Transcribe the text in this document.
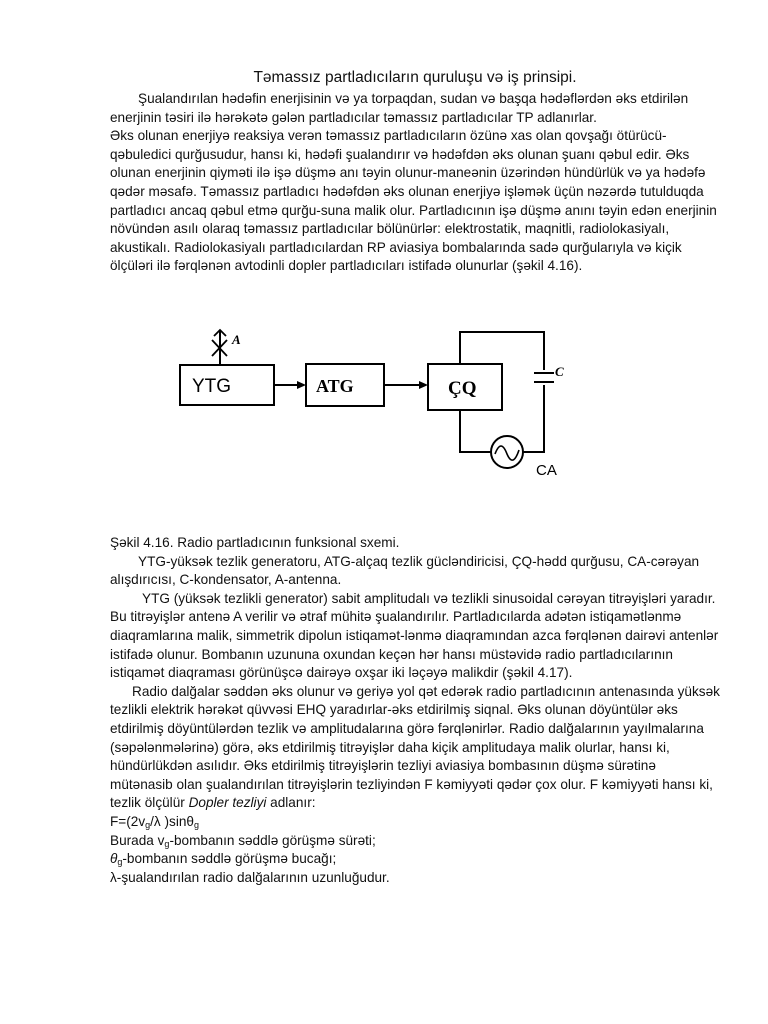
Təmassız partladıcıların quruluşu və iş prinsipi.

Şualandırılan hədəfin enerjisinin və ya torpaqdan, sudan və başqa hədəflərdən əks etdirilən enerjinin təsiri ilə hərəkətə gələn partladıcılar təmassız partladıcılar TP adlanırlar.

Əks olunan enerjiyə reaksiya verən təmassız partladıcıların özünə xas olan qovşağı ötürücü-qəbuledici qurğusudur, hansı ki, hədəfi şualandırır və hədəfdən əks olunan şuanı qəbul edir. Əks olunan enerjinin qiyməti ilə işə düşmə anı təyin olunur-maneənin üzərindən hündürlük və ya hədəfə qədər məsafə. Təmassız partladıcı hədəfdən əks olunan enerjiyə işləmək üçün nəzərdə tutulduqda partladıcı ancaq qəbul etmə qurğu-suna malik olur. Partladıcının işə düşmə anını təyin edən enerjinin növündən asılı olaraq təmassız partladıcılar bölünürlər: elektrostatik, maqnitli, radiolokasiyalı, akustikalı. Radiolokasiyalı partladıcılardan RP aviasiya bombalarında sadə qurğularıyla və kiçik ölçüləri ilə fərqlənən avtodinli dopler partladıcıları istifadə olunurlar (şəkil 4.16).

YTG
A
ATG	ÇQ
C
CA

Şəkil 4.16. Radio partladıcının funksional sxemi.

YTG-yüksək tezlik generatoru, ATG-alçaq tezlik gücləndiricisi, ÇQ-hədd qurğusu, CA-cərəyan alışdırıcısı, C-kondensator, A-antenna.

YTG (yüksək tezlikli generator) sabit amplitudalı və tezlikli sinusoidal cərəyan titrəyişləri yaradır. Bu titrəyişlər antenə A verilir və ətraf mühitə şualandırılır. Partladıcılarda adətən istiqamətlənmə diaqramlarına malik, simmetrik dipolun istiqamət-lənmə diaqramından azca fərqlənən dairəvi antenlər istifadə olunur. Bombanın uzununa oxundan keçən hər hansı müstəvidə radio partladıcılarının istiqamət diaqraması görünüşcə dairəyə oxşar iki ləçəyə malikdir (şəkil 4.17).

Radio dalğalar səddən əks olunur və geriyə yol qət edərək radio partladıcının antenasında yüksək tezlikli elektrik hərəkət qüvvəsi EHQ yaradırlar-əks etdirilmiş siqnal. Əks olunan döyüntülər əks etdirilmiş döyüntülərdən tezlik və amplitudalarına görə fərqlənirlər. Radio dalğalarının yayılmalarına (səpələnmələrinə) görə, əks etdirilmiş titrəyişlər daha kiçik amplitudaya malik olurlar, hansı ki, hündürlükdən asılıdır. Əks etdirilmiş titrəyişlərin tezliyi aviasiya bombasının düşmə sürətinə mütənasib olan şualandırılan titrəyişlərin tezliyindən F kəmiyyəti qədər çox olur. F kəmiyyəti hansı ki, tezlik ölçülür Dopler tezliyi adlanır:

$F=(2v_g/\lambda$ )sinθ$_g$

Burada $v_g$-bombanın səddlə görüşmə sürəti;

$\theta_g$-bombanın səddlə görüşmə bucağı;

λ-şualandırılan radio dalğalarının uzunluğudur.
